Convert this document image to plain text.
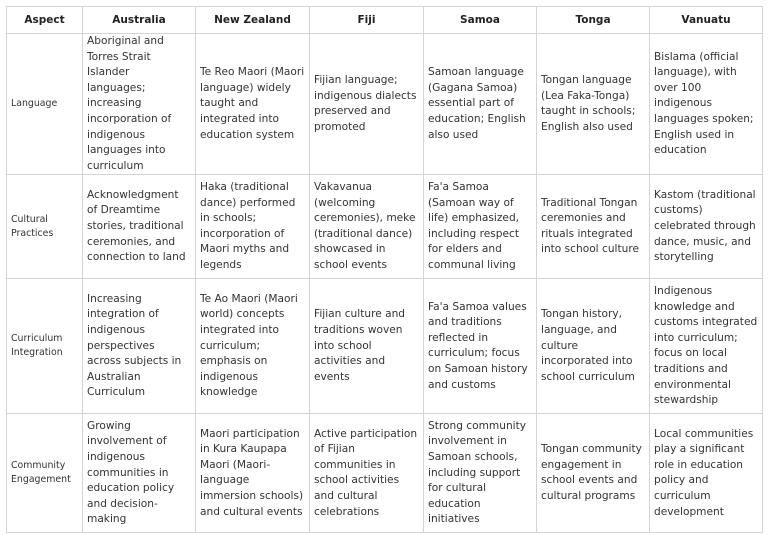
Aspect	Australia	New Zealand	Fiji	Samoa	Tonga	Vanuatu
Language	Aboriginal and Torres Strait Islander languages; increasing incorporation of indigenous languages into curriculum	Te Reo Maori (Maori language) widely taught and integrated into education system	Fijian language; indigenous dialects preserved and promoted	Samoan language (Gagana Samoa) essential part of education; English also used	Tongan language (Lea Faka-Tonga) taught in schools; English also used	Bislama (official language), with over 100 indigenous languages spoken; English used in education
Cultural Practices	Acknowledgment of Dreamtime stories, traditional ceremonies, and connection to land	Haka (traditional dance) performed in schools; incorporation of Maori myths and legends	Vakavanua (welcoming ceremonies), meke (traditional dance) showcased in school events	Fa'a Samoa (Samoan way of life) emphasized, including respect for elders and communal living	Traditional Tongan ceremonies and rituals integrated into school culture	Kastom (traditional customs) celebrated through dance, music, and storytelling
Curriculum Integration	Increasing integration of indigenous perspectives across subjects in Australian Curriculum	Te Ao Maori (Maori world) concepts integrated into curriculum; emphasis on indigenous knowledge	Fijian culture and traditions woven into school activities and events	Fa'a Samoa values and traditions reflected in curriculum; focus on Samoan history and customs	Tongan history, language, and culture incorporated into school curriculum	Indigenous knowledge and customs integrated into curriculum; focus on local traditions and environmental stewardship
Community Engagement	Growing involvement of indigenous communities in education policy and decision-making	Maori participation in Kura Kaupapa Maori (Maori-language immersion schools) and cultural events	Active participation of Fijian communities in school activities and cultural celebrations	Strong community involvement in Samoan schools, including support for cultural education initiatives	Tongan community engagement in school events and cultural programs	Local communities play a significant role in education policy and curriculum development
